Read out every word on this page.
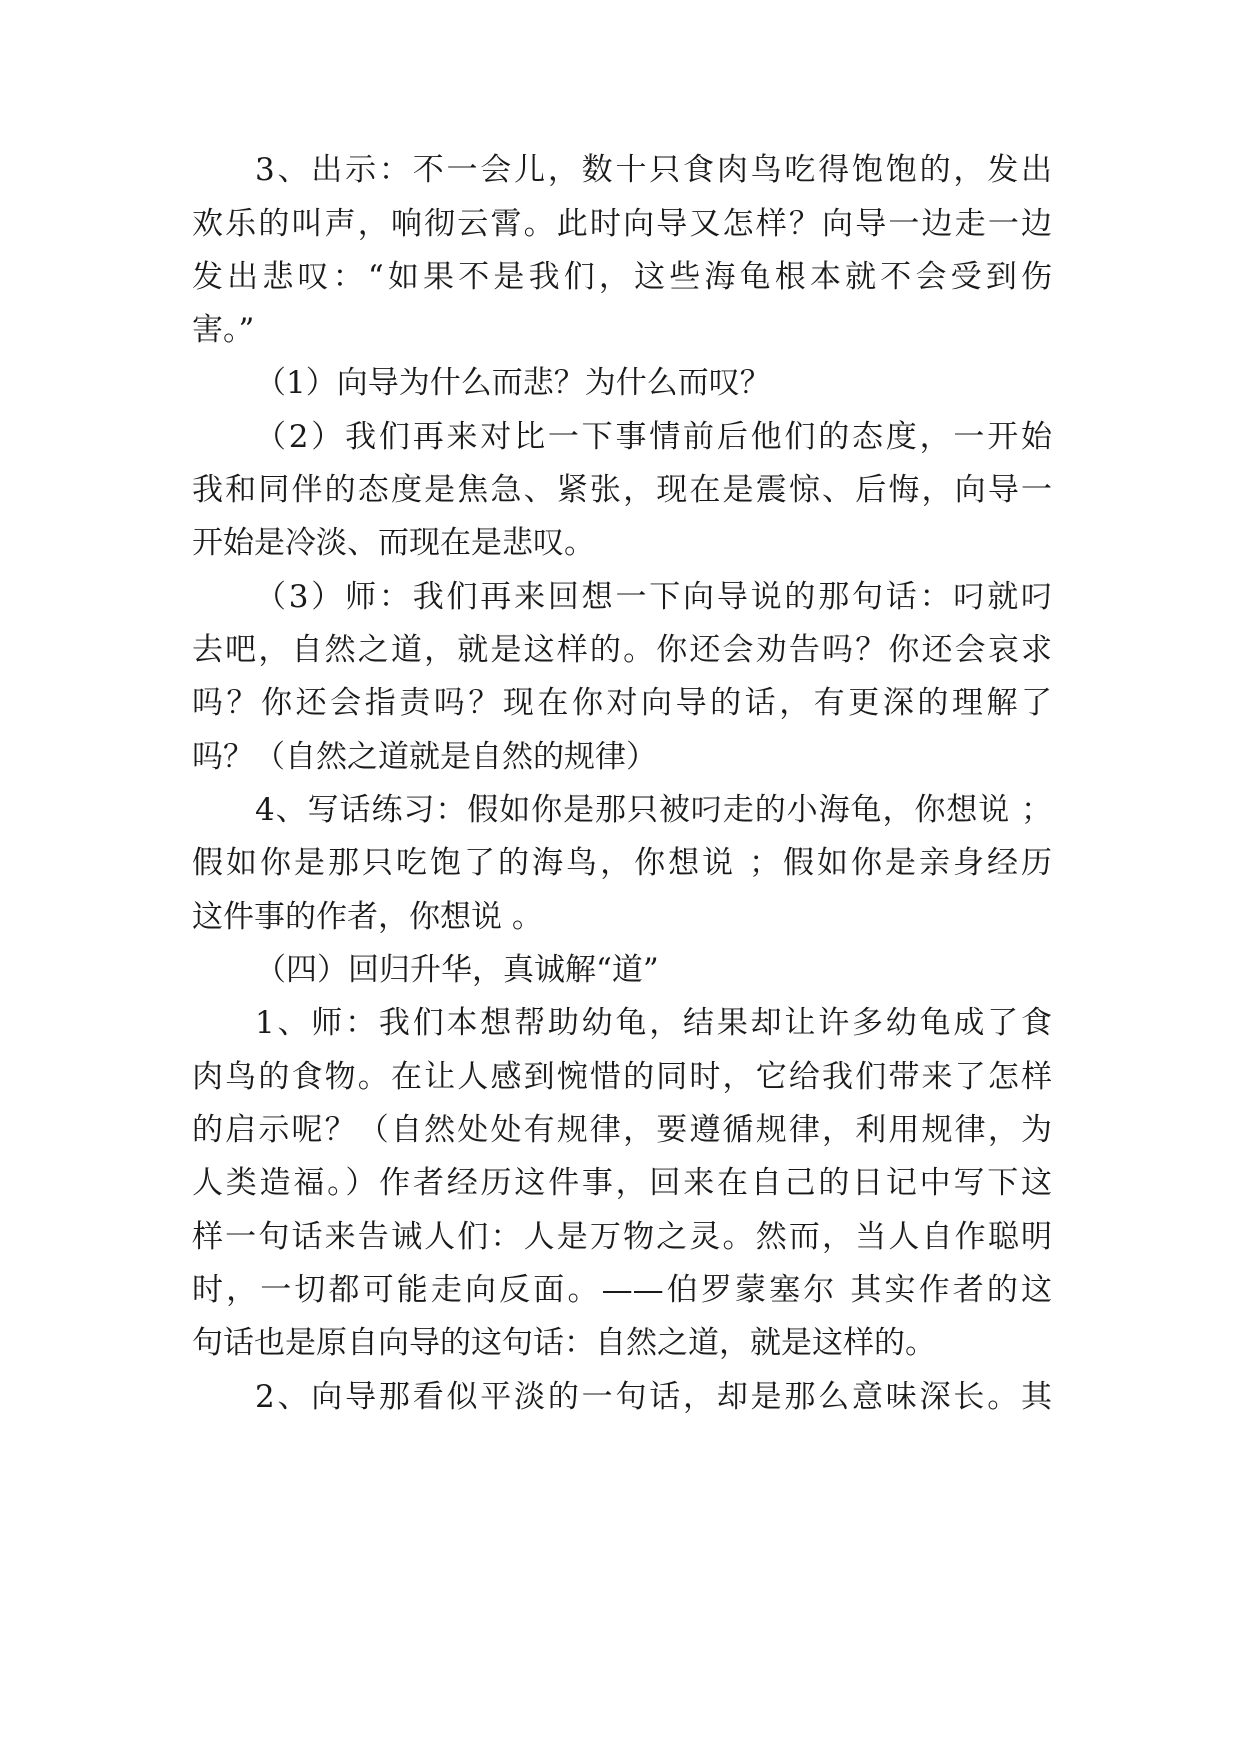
3、出示：不一会儿，数十只食肉鸟吃得饱饱的，发出
欢乐的叫声，响彻云霄。此时向导又怎样？向导一边走一边
发出悲叹：“如果不是我们，这些海龟根本就不会受到伤
害。”
（1）向导为什么而悲？为什么而叹？
（2）我们再来对比一下事情前后他们的态度，一开始
我和同伴的态度是焦急、紧张，现在是震惊、后悔，向导一
开始是冷淡、而现在是悲叹。
（3）师：我们再来回想一下向导说的那句话：叼就叼
去吧，自然之道，就是这样的。你还会劝告吗？你还会哀求
吗？你还会指责吗？现在你对向导的话，有更深的理解了
吗？（自然之道就是自然的规律）
4、写话练习：假如你是那只被叼走的小海龟，你想说 ；
假如你是那只吃饱了的海鸟，你想说 ；假如你是亲身经历
这件事的作者，你想说 。
（四）回归升华，真诚解“道”
1、师：我们本想帮助幼龟，结果却让许多幼龟成了食
肉鸟的食物。在让人感到惋惜的同时，它给我们带来了怎样
的启示呢？（自然处处有规律，要遵循规律，利用规律，为
人类造福。）作者经历这件事，回来在自己的日记中写下这
样一句话来告诫人们：人是万物之灵。然而，当人自作聪明
时，一切都可能走向反面。——伯罗蒙塞尔 其实作者的这
句话也是原自向导的这句话：自然之道，就是这样的。
2、向导那看似平淡的一句话，却是那么意味深长。其
